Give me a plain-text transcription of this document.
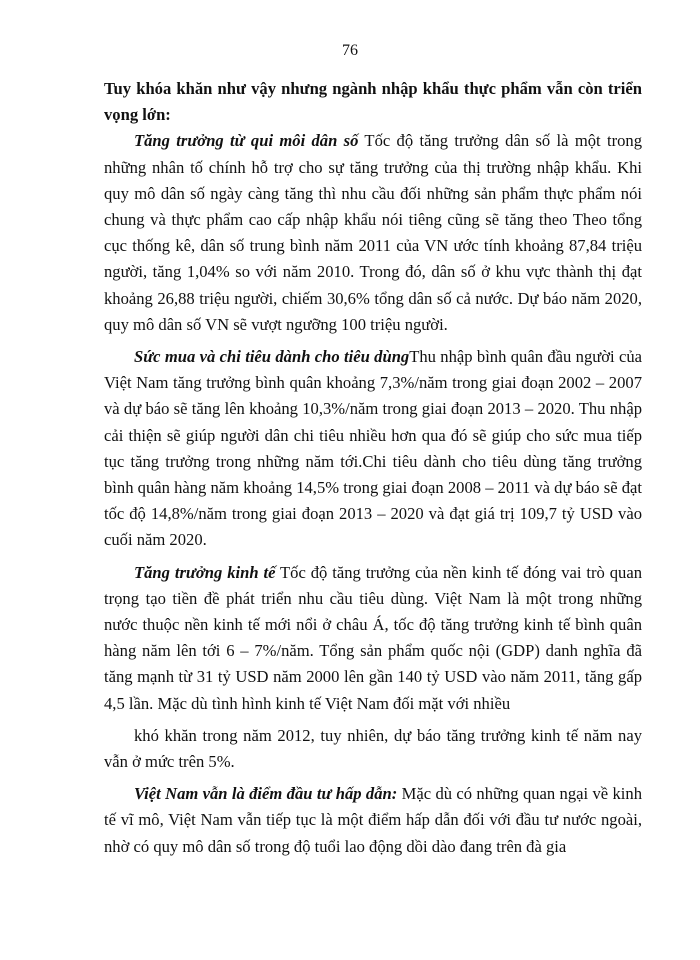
76

Tuy khóa khăn như vậy nhưng ngành nhập khẩu thực phẩm vẫn còn triển vọng lớn:

Tăng trưởng từ qui môi dân số Tốc độ tăng trưởng dân số là một trong những nhân tố chính hỗ trợ cho sự tăng trưởng của thị trường nhập khẩu. Khi quy mô dân số ngày càng tăng thì nhu cầu đối những sản phẩm thực phẩm nói chung và thực phẩm cao cấp nhập khẩu nói tiêng cũng sẽ tăng theo Theo tổng cục thống kê, dân số trung bình năm 2011 của VN ước tính khoảng 87,84 triệu người, tăng 1,04% so với năm 2010. Trong đó, dân số ở khu vực thành thị đạt khoảng 26,88 triệu người, chiếm 30,6% tổng dân số cả nước. Dự báo năm 2020, quy mô dân số VN sẽ vượt ngưỡng 100 triệu người.

Sức mua và chi tiêu dành cho tiêu dùngThu nhập bình quân đầu người của Việt Nam tăng trưởng bình quân khoảng 7,3%/năm trong giai đoạn 2002 – 2007 và dự báo sẽ tăng lên khoảng 10,3%/năm trong giai đoạn 2013 – 2020. Thu nhập cải thiện sẽ giúp người dân chi tiêu nhiều hơn qua đó sẽ giúp cho sức mua tiếp tục tăng trưởng trong những năm tới.Chi tiêu dành cho tiêu dùng tăng trưởng bình quân hàng năm khoảng 14,5% trong giai đoạn 2008 – 2011 và dự báo sẽ đạt tốc độ 14,8%/năm trong giai đoạn 2013 – 2020 và đạt giá trị 109,7 tỷ USD vào cuối năm 2020.

Tăng trưởng kinh tế Tốc độ tăng trưởng của nền kinh tế đóng vai trò quan trọng tạo tiền đề phát triển nhu cầu tiêu dùng. Việt Nam là một trong những nước thuộc nền kinh tế mới nổi ở châu Á, tốc độ tăng trưởng kinh tế bình quân hàng năm lên tới 6 – 7%/năm. Tổng sản phẩm quốc nội (GDP) danh nghĩa đã tăng mạnh từ 31 tỷ USD năm 2000 lên gần 140 tỷ USD vào năm 2011, tăng gấp 4,5 lần. Mặc dù tình hình kinh tế Việt Nam đối mặt với nhiều

khó khăn trong năm 2012, tuy nhiên, dự báo tăng trưởng kinh tế năm nay vẫn ở mức trên 5%.

Việt Nam vẫn là điểm đầu tư hấp dẫn: Mặc dù có những quan ngại về kinh tế vĩ mô, Việt Nam vẫn tiếp tục là một điểm hấp dẫn đối với đầu tư nước ngoài, nhờ có quy mô dân số trong độ tuổi lao động dồi dào đang trên đà gia
